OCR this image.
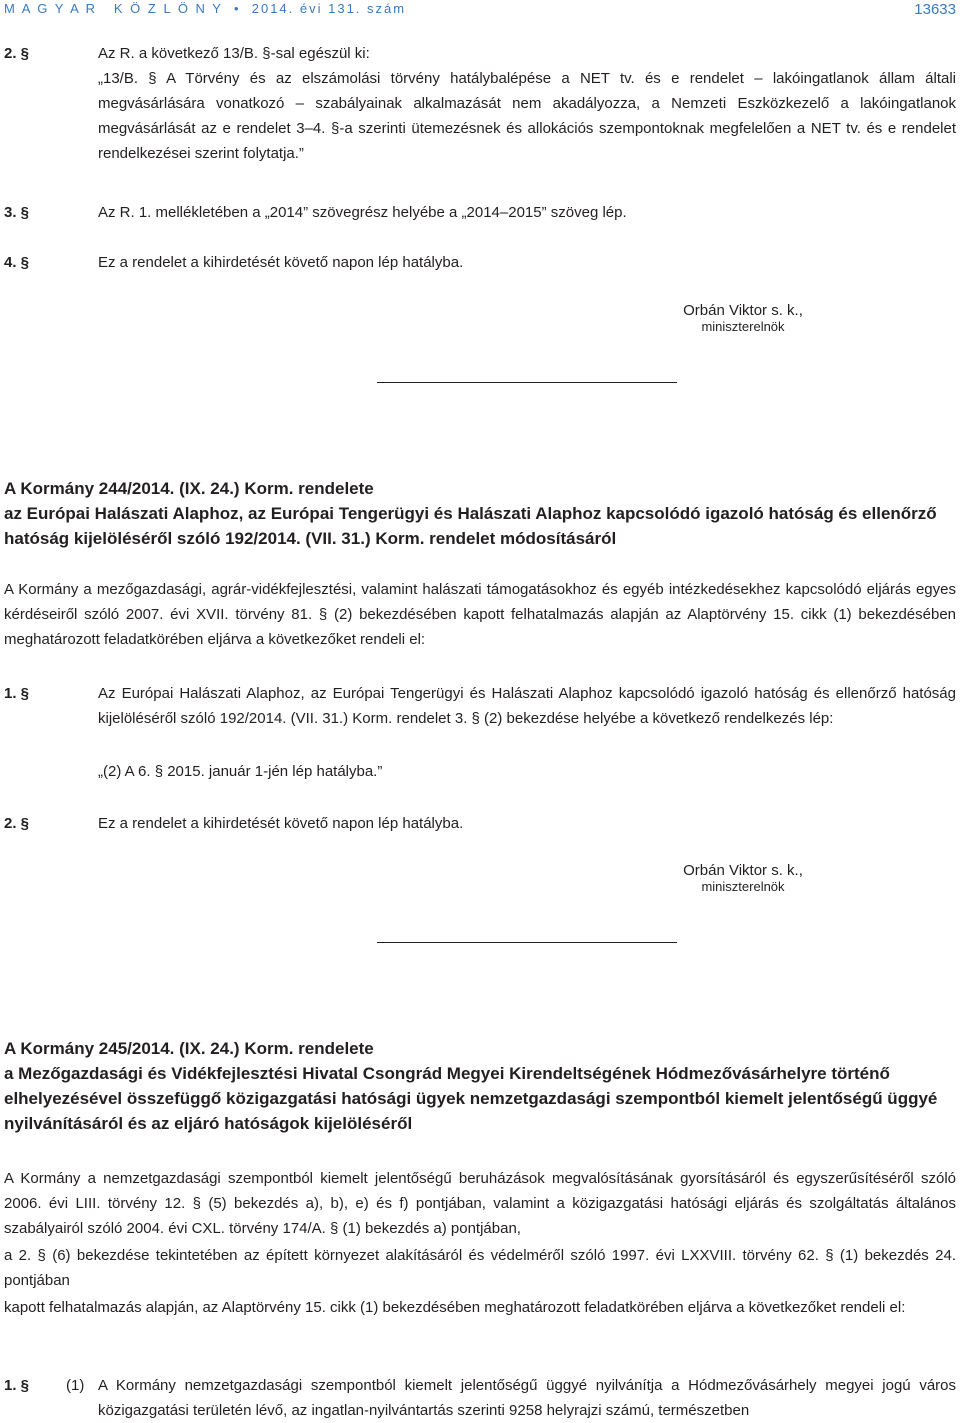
M A G Y A R   K Ö Z L Ö N Y  •  2014. évi 131. szám	13633
2. §	Az R. a következő 13/B. §-sal egészül ki:
„13/B. § A Törvény és az elszámolási törvény hatálybalépése a NET tv. és e rendelet – lakóingatlanok állam általi megvásárlására vonatkozó – szabályainak alkalmazását nem akadályozza, a Nemzeti Eszközkezelő a lakóingatlanok megvásárlását az e rendelet 3–4. §-a szerinti ütemezésnek és allokációs szempontoknak megfelelően a NET tv. és e rendelet rendelkezései szerint folytatja.”
3. §	Az R. 1. mellékletében a „2014” szövegrész helyébe a „2014–2015” szöveg lép.
4. §	Ez a rendelet a kihirdetését követő napon lép hatályba.
Orbán Viktor s. k.,
miniszterelnök
A Kormány 244/2014. (IX. 24.) Korm. rendelete
az Európai Halászati Alaphoz, az Európai Tengerügyi és Halászati Alaphoz kapcsolódó igazoló hatóság és ellenőrző hatóság kijelöléséről szóló 192/2014. (VII. 31.) Korm. rendelet módosításáról
A Kormány a mezőgazdasági, agrár-vidékfejlesztési, valamint halászati támogatásokhoz és egyéb intézkedésekhez kapcsolódó eljárás egyes kérdéseiről szóló 2007. évi XVII. törvény 81. § (2) bekezdésében kapott felhatalmazás alapján az Alaptörvény 15. cikk (1) bekezdésében meghatározott feladatkörében eljárva a következőket rendeli el:
1. §	Az Európai Halászati Alaphoz, az Európai Tengerügyi és Halászati Alaphoz kapcsolódó igazoló hatóság és ellenőrző hatóság kijelöléséről szóló 192/2014. (VII. 31.) Korm. rendelet 3. § (2) bekezdése helyébe a következő rendelkezés lép:
„(2) A 6. § 2015. január 1-jén lép hatályba.”
2. §	Ez a rendelet a kihirdetését követő napon lép hatályba.
Orbán Viktor s. k.,
miniszterelnök
A Kormány 245/2014. (IX. 24.) Korm. rendelete
a Mezőgazdasági és Vidékfejlesztési Hivatal Csongrád Megyei Kirendeltségének Hódmezővásárhelyre történő elhelyezésével összefüggő közigazgatási hatósági ügyek nemzetgazdasági szempontból kiemelt jelentőségű üggyé nyilvánításáról és az eljáró hatóságok kijelöléséről
A Kormány a nemzetgazdasági szempontból kiemelt jelentőségű beruházások megvalósításának gyorsításáról és egyszerűsítéséről szóló 2006. évi LIII. törvény 12. § (5) bekezdés a), b), e) és f) pontjában, valamint a közigazgatási hatósági eljárás és szolgáltatás általános szabályairól szóló 2004. évi CXL. törvény 174/A. § (1) bekezdés a) pontjában,
a 2. § (6) bekezdése tekintetében az épített környezet alakításáról és védelméről szóló 1997. évi LXXVIII. törvény 62. § (1) bekezdés 24. pontjában
kapott felhatalmazás alapján, az Alaptörvény 15. cikk (1) bekezdésében meghatározott feladatkörében eljárva a következőket rendeli el:
1. § (1) A Kormány nemzetgazdasági szempontból kiemelt jelentőségű üggyé nyilvánítja a Hódmezővásárhely megyei jogú város közigazgatási területén lévő, az ingatlan-nyilvántartás szerinti 9258 helyrajzi számú, természetben
